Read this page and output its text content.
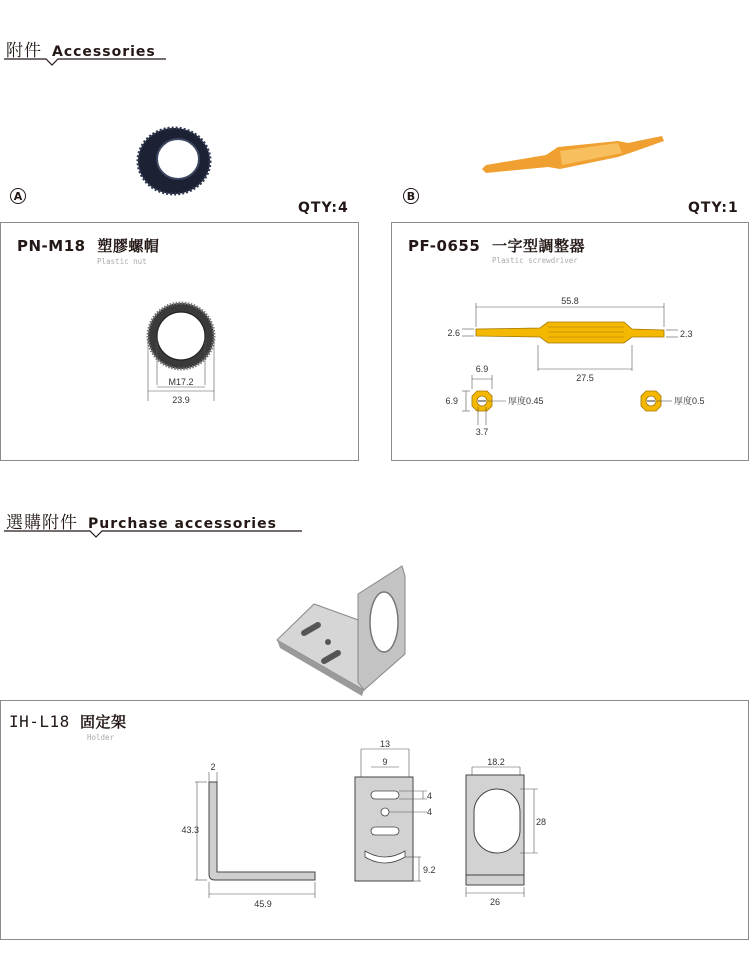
附件 Accessories
A
QTY:4
B
QTY:1
PN-M18 塑膠螺帽
Plastic nut
M17.2
23.9
PF-0655 一字型調整器
Plastic screwdriver
55.8
2.6	2.3
27.5
6.9
6.9
3.7
厚度0.45	厚度0.5
選購附件 Purchase accessories
IH-L18 固定架
Holder
2
43.3
45.9
13
9
4
4
9.2
18.2
28
26
